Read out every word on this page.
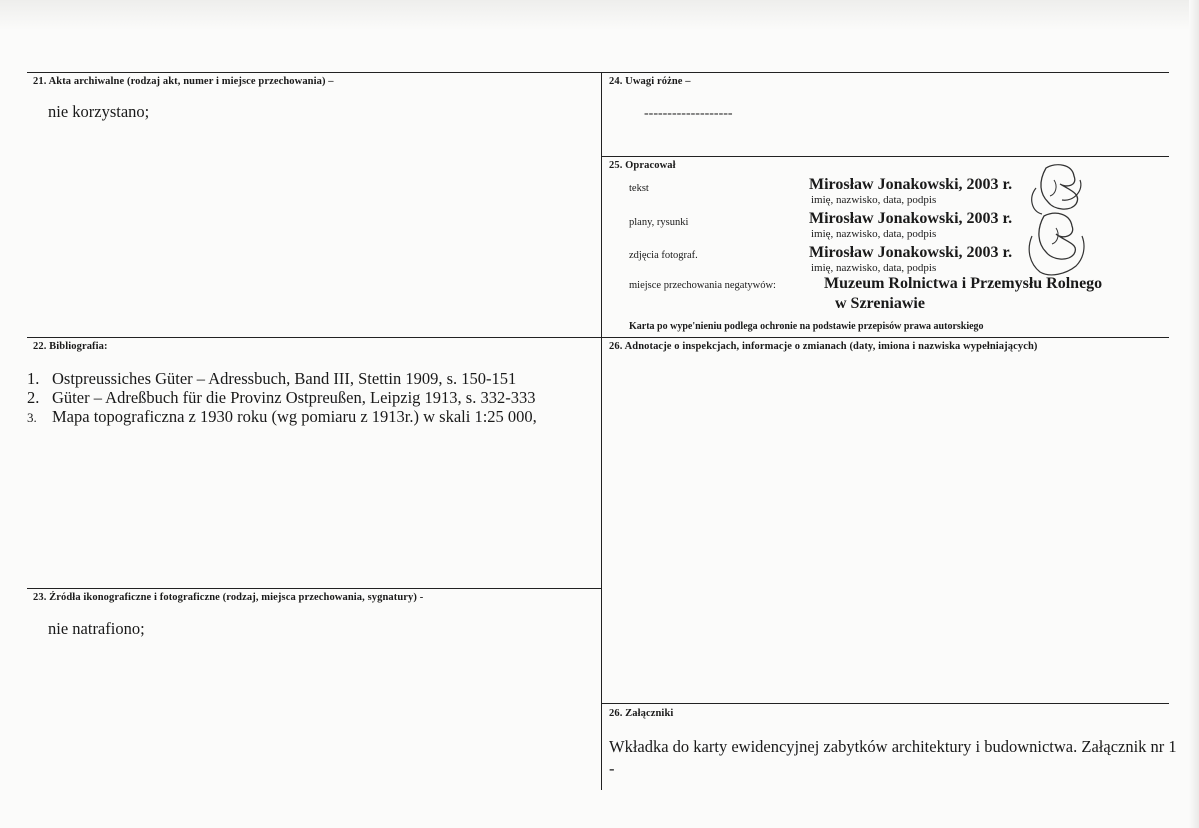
21. Akta archiwalne (rodzaj akt, numer i miejsce przechowania) –
nie korzystano;
22. Bibliografia:
1. Ostpreussiches Güter – Adressbuch, Band III, Stettin 1909, s. 150-151
2. Güter – Adreßbuch für die Provinz Ostpreußen, Leipzig 1913, s. 332-333
3. Mapa topograficzna z 1930 roku (wg pomiaru z 1913r.) w skali 1:25 000,
23. Źródła ikonograficzne i fotograficzne (rodzaj, miejsca przechowania, sygnatury) -
nie natrafiono;
24. Uwagi różne –
-------------------
25. Opracował
tekst	Mirosław Jonakowski, 2003 r.
imię, nazwisko, data, podpis
plany, rysunki	Mirosław Jonakowski, 2003 r.
imię, nazwisko, data, podpis
zdjęcia fotograf.	Mirosław Jonakowski, 2003 r.
imię, nazwisko, data, podpis
miejsce przechowania negatywów:	Muzeum Rolnictwa i Przemysłu Rolnego
w Szreniawie
Karta po wype'nieniu podlega ochronie na podstawie przepisów prawa autorskiego
26. Adnotacje o inspekcjach, informacje o zmianach (daty, imiona i nazwiska wypełniających)
26. Załączniki
Wkładka do karty ewidencyjnej zabytków architektury i budownictwa. Załącznik nr 1 -
